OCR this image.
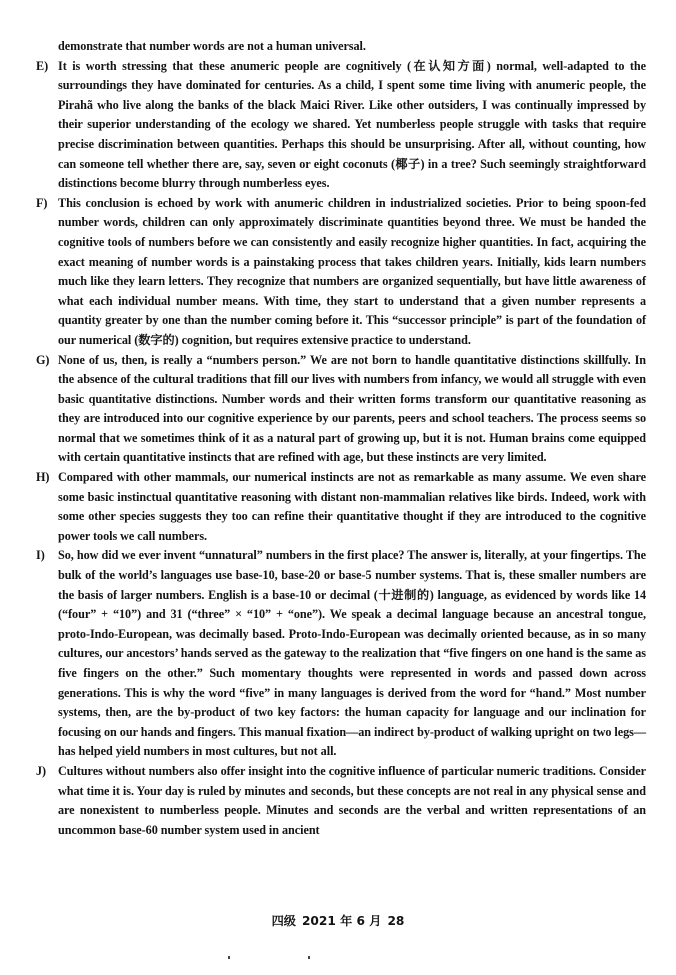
demonstrate that number words are not a human universal.
E) It is worth stressing that these anumeric people are cognitively (在认知方面) normal, well-adapted to the surroundings they have dominated for centuries. As a child, I spent some time living with anumeric people, the Pirahã who live along the banks of the black Maici River. Like other outsiders, I was continually impressed by their superior understanding of the ecology we shared. Yet numberless people struggle with tasks that require precise discrimination between quantities. Perhaps this should be unsurprising. After all, without counting, how can someone tell whether there are, say, seven or eight coconuts (椰子) in a tree? Such seemingly straightforward distinctions become blurry through numberless eyes.
F) This conclusion is echoed by work with anumeric children in industrialized societies. Prior to being spoon-fed number words, children can only approximately discriminate quantities beyond three. We must be handed the cognitive tools of numbers before we can consistently and easily recognize higher quantities. In fact, acquiring the exact meaning of number words is a painstaking process that takes children years. Initially, kids learn numbers much like they learn letters. They recognize that numbers are organized sequentially, but have little awareness of what each individual number means. With time, they start to understand that a given number represents a quantity greater by one than the number coming before it. This “successor principle” is part of the foundation of our numerical (数字的) cognition, but requires extensive practice to understand.
G) None of us, then, is really a “numbers person.” We are not born to handle quantitative distinctions skillfully. In the absence of the cultural traditions that fill our lives with numbers from infancy, we would all struggle with even basic quantitative distinctions. Number words and their written forms transform our quantitative reasoning as they are introduced into our cognitive experience by our parents, peers and school teachers. The process seems so normal that we sometimes think of it as a natural part of growing up, but it is not. Human brains come equipped with certain quantitative instincts that are refined with age, but these instincts are very limited.
H) Compared with other mammals, our numerical instincts are not as remarkable as many assume. We even share some basic instinctual quantitative reasoning with distant non-mammalian relatives like birds. Indeed, work with some other species suggests they too can refine their quantitative thought if they are introduced to the cognitive power tools we call numbers.
I) So, how did we ever invent “unnatural” numbers in the first place? The answer is, literally, at your fingertips. The bulk of the world’s languages use base-10, base-20 or base-5 number systems. That is, these smaller numbers are the basis of larger numbers. English is a base-10 or decimal (十进制的) language, as evidenced by words like 14 (“four” + “10”) and 31 (“three” × “10” + “one”). We speak a decimal language because an ancestral tongue, proto-Indo-European, was decimally based. Proto-Indo-European was decimally oriented because, as in so many cultures, our ancestors’ hands served as the gateway to the realization that “five fingers on one hand is the same as five fingers on the other.” Such momentary thoughts were represented in words and passed down across generations. This is why the word “five” in many languages is derived from the word for “hand.” Most number systems, then, are the by-product of two key factors: the human capacity for language and our inclination for focusing on our hands and fingers. This manual fixation—an indirect by-product of walking upright on two legs—has helped yield numbers in most cultures, but not all.
J) Cultures without numbers also offer insight into the cognitive influence of particular numeric traditions. Consider what time it is. Your day is ruled by minutes and seconds, but these concepts are not real in any physical sense and are nonexistent to numberless people. Minutes and seconds are the verbal and written representations of an uncommon base-60 number system used in ancient
四级 2021 年 6 月 28
